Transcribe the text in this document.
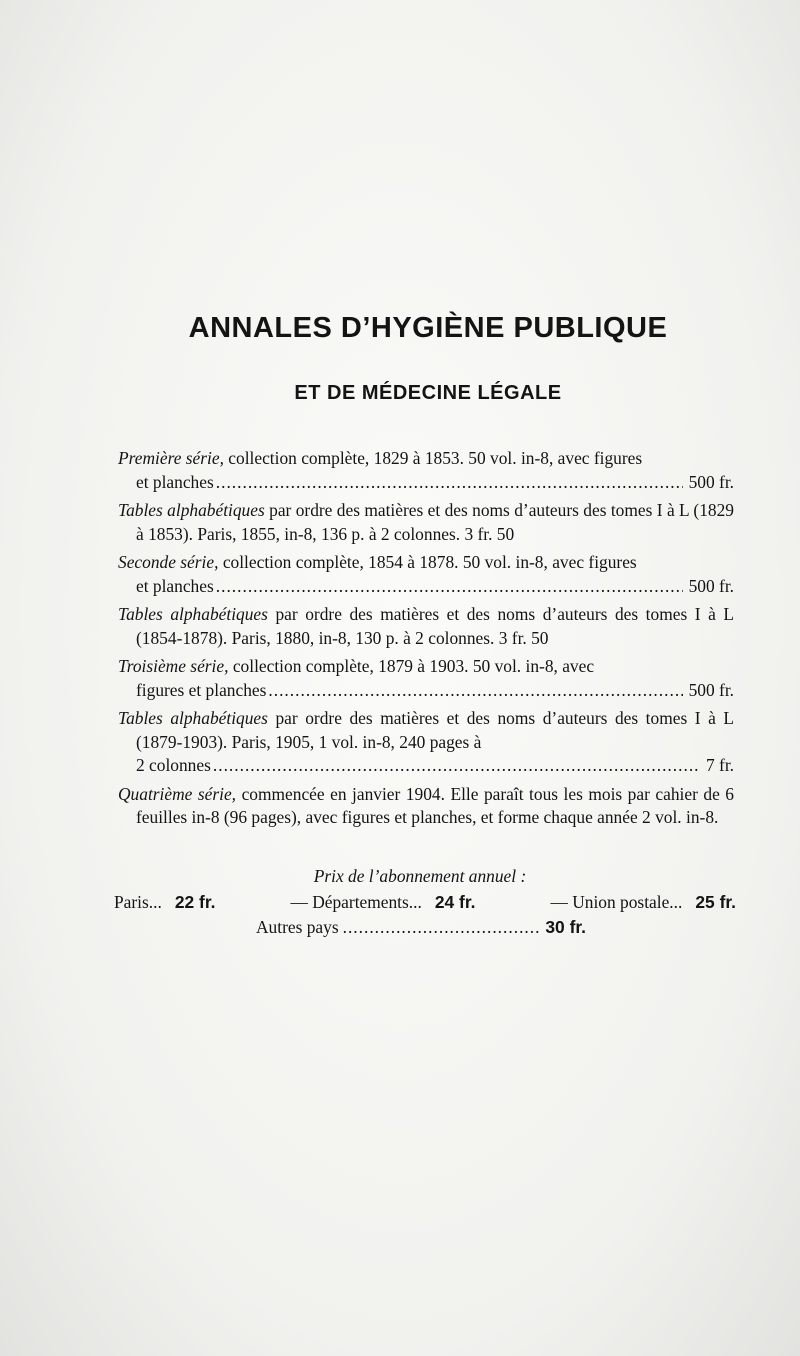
ANNALES D’HYGIÈNE PUBLIQUE
ET DE MÉDECINE LÉGALE
Première série, collection complète, 1829 à 1853. 50 vol. in-8, avec figures
et planches .....	500 fr.
Tables alphabétiques par ordre des matières et des noms d’auteurs des tomes I à L (1829 à 1853). Paris, 1855, in-8, 136 p. à 2 colonnes. 3 fr. 50
Seconde série, collection complète, 1854 à 1878. 50 vol. in-8, avec figures
et planches .....	500 fr.
Tables alphabétiques par ordre des matières et des noms d’auteurs des tomes I à L (1854-1878). Paris, 1880, in-8, 130 p. à 2 colonnes. 3 fr. 50
Troisième série, collection complète, 1879 à 1903. 50 vol. in-8, avec
figures et planches .....	500 fr.
Tables alphabétiques par ordre des matières et des noms d’auteurs des tomes I à L (1879-1903). Paris, 1905, 1 vol. in-8, 240 pages à
2 colonnes .....	7 fr.
Quatrième série, commencée en janvier 1904. Elle paraît tous les mois par cahier de 6 feuilles in-8 (96 pages), avec figures et planches, et forme chaque année 2 vol. in-8.

Prix de l’abonnement annuel :

Paris... 22 fr.	— Départements... 24 fr.	— Union postale... 25 fr.
Autres pays .....	30 fr.
